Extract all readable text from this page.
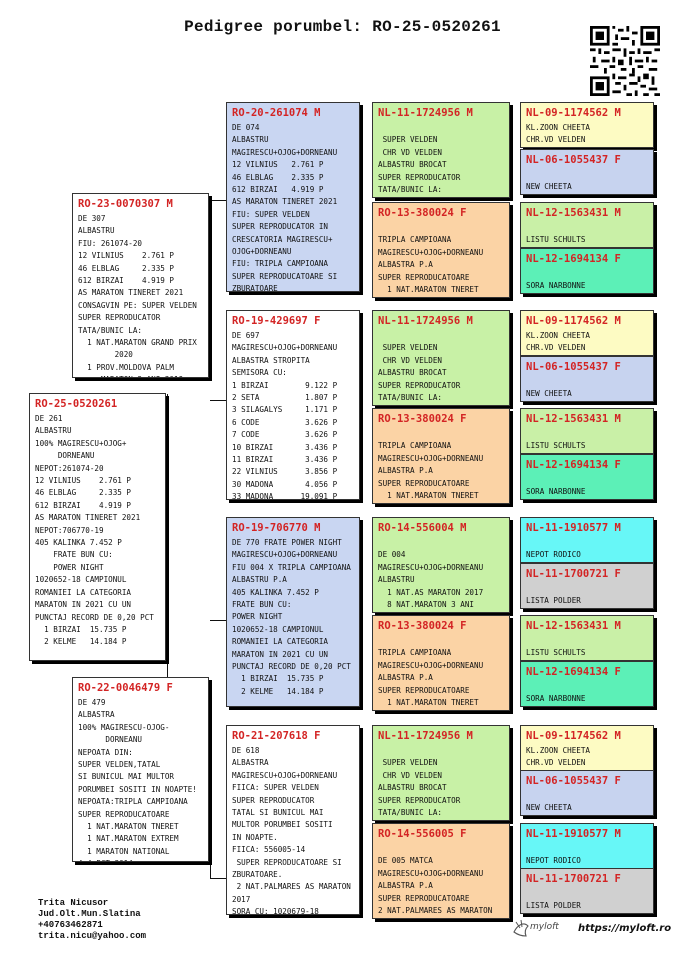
Pedigree porumbel: RO-25-0520261
RO-25-0520261
DE 261
ALBASTRU
100% MAGIRESCU+OJOG+
DORNEANU
NEPOT:261074-20
12 VILNIUS    2.761 P
46 ELBLAG     2.335 P
612 BIRZAI    4.919 P
AS MARATON TINERET 2021
NEPOT:706770-19
405 KALINKA 7.452 P
FRATE BUN CU:
POWER NIGHT
1020652-18 CAMPIONUL
ROMANIEI LA CATEGORIA
MARATON IN 2021 CU UN
PUNCTAJ RECORD DE 0,20 PCT
1 BIRZAI  15.735 P
2 KELME   14.184 P
RO-23-0070307 M
DE 307
ALBASTRU
FIU: 261074-20
12 VILNIUS    2.761 P
46 ELBLAG     2.335 P
612 BIRZAI    4.919 P
AS MARATON TINERET 2021
CONSAGVIN PE: SUPER VELDEN
SUPER REPRODUCATOR
TATA/BUNIC LA:
1 NAT.MARATON GRAND PRIX
2020
1 PROV.MOLDOVA PALM
RO-22-0046479 F
DE 479
ALBASTRA
100% MAGIRESCU-OJOG-
DORNEANU
NEPOATA DIN:
SUPER VELDEN,TATAL
SI BUNICUL MAI MULTOR
PORUMBEI SOSITI IN NOAPTE!
NEPOATA:TRIPLA CAMPIOANA
SUPER REPRODUCATOARE
1 NAT.MARATON TNERET
1 NAT.MARATON EXTREM
1 MARATON NATIONAL
RO-20-261074 M
DE 074
ALBASTRU
MAGIRESCU+OJOG+DORNEANU
12 VILNIUS   2.761 P
46 ELBLAG    2.335 P
612 BIRZAI   4.919 P
AS MARATON TINERET 2021
FIU: SUPER VELDEN
SUPER REPRODUCATOR IN
CRESCATORIA MAGIRESCU+
OJOG+DORNEANU
FIU: TRIPLA CAMPIOANA
SUPER REPRODUCATOARE SI
ZBURATOARE
RO-19-429697 F
DE 697
MAGIRESCU+OJOG+DORNEANU
ALBASTRA STROPITA
SEMISORA CU:
1 BIRZAI        9.122 P
2 SETA          1.807 P
3 SILAGALYS     1.171 P
6 CODE          3.626 P
7 CODE          3.626 P
10 BIRZAI       3.436 P
11 BIRZAI       3.436 P
22 VILNIUS      3.856 P
30 MADONA       4.056 P
33 MADONA      19.091 P
RO-19-706770 M
DE 770 FRATE POWER NIGHT
MAGIRESCU+OJOG+DORNEANU
FIU 004 X TRIPLA CAMPIOANA
ALBASTRU P.A
405 KALINKA 7.452 P
FRATE BUN CU:
POWER NIGHT
1020652-18 CAMPIONUL
ROMANIEI LA CATEGORIA
MARATON IN 2021 CU UN
PUNCTAJ RECORD DE 0,20 PCT
1 BIRZAI  15.735 P
2 KELME   14.184 P

RO-21-207618 F
DE 618
ALBASTRA
MAGIRESCU+OJOG+DORNEANU
FIICA: SUPER VELDEN
SUPER REPRODUCATOR
TATAL SI BUNICUL MAI
MULTOR PORUMBEI SOSITI
IN NOAPTE.
FIICA: 556005-14
SUPER REPRODUCATOARE SI
ZBURATOARE.
2 NAT.PALMARES AS MARATON
2017
SORA CU: 1020679-18
NL-11-1724956 M

SUPER VELDEN
CHR VD VELDEN
ALBASTRU BROCAT
SUPER REPRODUCATOR
TATA/BUNIC LA:
RO-13-380024 F

TRIPLA CAMPIOANA
MAGIRESCU+OJOG+DORNEANU
ALBASTRA P.A
SUPER REPRODUCATOARE
1 NAT.MARATON TNERET
NL-11-1724956 M

SUPER VELDEN
CHR VD VELDEN
ALBASTRU BROCAT
SUPER REPRODUCATOR
TATA/BUNIC LA:
RO-13-380024 F

TRIPLA CAMPIOANA
MAGIRESCU+OJOG+DORNEANU
ALBASTRA P.A
SUPER REPRODUCATOARE
1 NAT.MARATON TNERET
RO-14-556004 M

DE 004
MAGIRESCU+OJOG+DORNEANU
ALBASTRU
1 NAT.AS MARATON 2017
8 NAT.MARATON 3 ANI
RO-13-380024 F

TRIPLA CAMPIOANA
MAGIRESCU+OJOG+DORNEANU
ALBASTRA P.A
SUPER REPRODUCATOARE
1 NAT.MARATON TNERET
NL-11-1724956 M

SUPER VELDEN
CHR VD VELDEN
ALBASTRU BROCAT
SUPER REPRODUCATOR
TATA/BUNIC LA:
RO-14-556005 F

DE 005 MATCA
MAGIRESCU+OJOG+DORNEANU
ALBASTRA P.A
SUPER REPRODUCATOARE
2 NAT.PALMARES AS MARATON
NL-09-1174562 M
KL.ZOON CHEETA
CHR.VD VELDEN
NL-06-1055437 F

NEW CHEETA
NL-12-1563431 M

LISTU SCHULTS
NL-12-1694134 F

SORA NARBONNE
NL-09-1174562 M
KL.ZOON CHEETA
CHR.VD VELDEN
NL-06-1055437 F

NEW CHEETA
NL-12-1563431 M

LISTU SCHULTS
NL-12-1694134 F

SORA NARBONNE
NL-11-1910577 M

NEPOT RODICO
NL-11-1700721 F

LISTA POLDER
NL-12-1563431 M

LISTU SCHULTS
NL-12-1694134 F

SORA NARBONNE
NL-09-1174562 M
KL.ZOON CHEETA
CHR.VD VELDEN
NL-06-1055437 F

NEW CHEETA
NL-11-1910577 M

NEPOT RODICO
NL-11-1700721 F

LISTA POLDER
Trita Nicusor
Jud.Olt.Mun.Slatina
+40763462871
trita.nicu@yahoo.com
myloft https://myloft.ro
